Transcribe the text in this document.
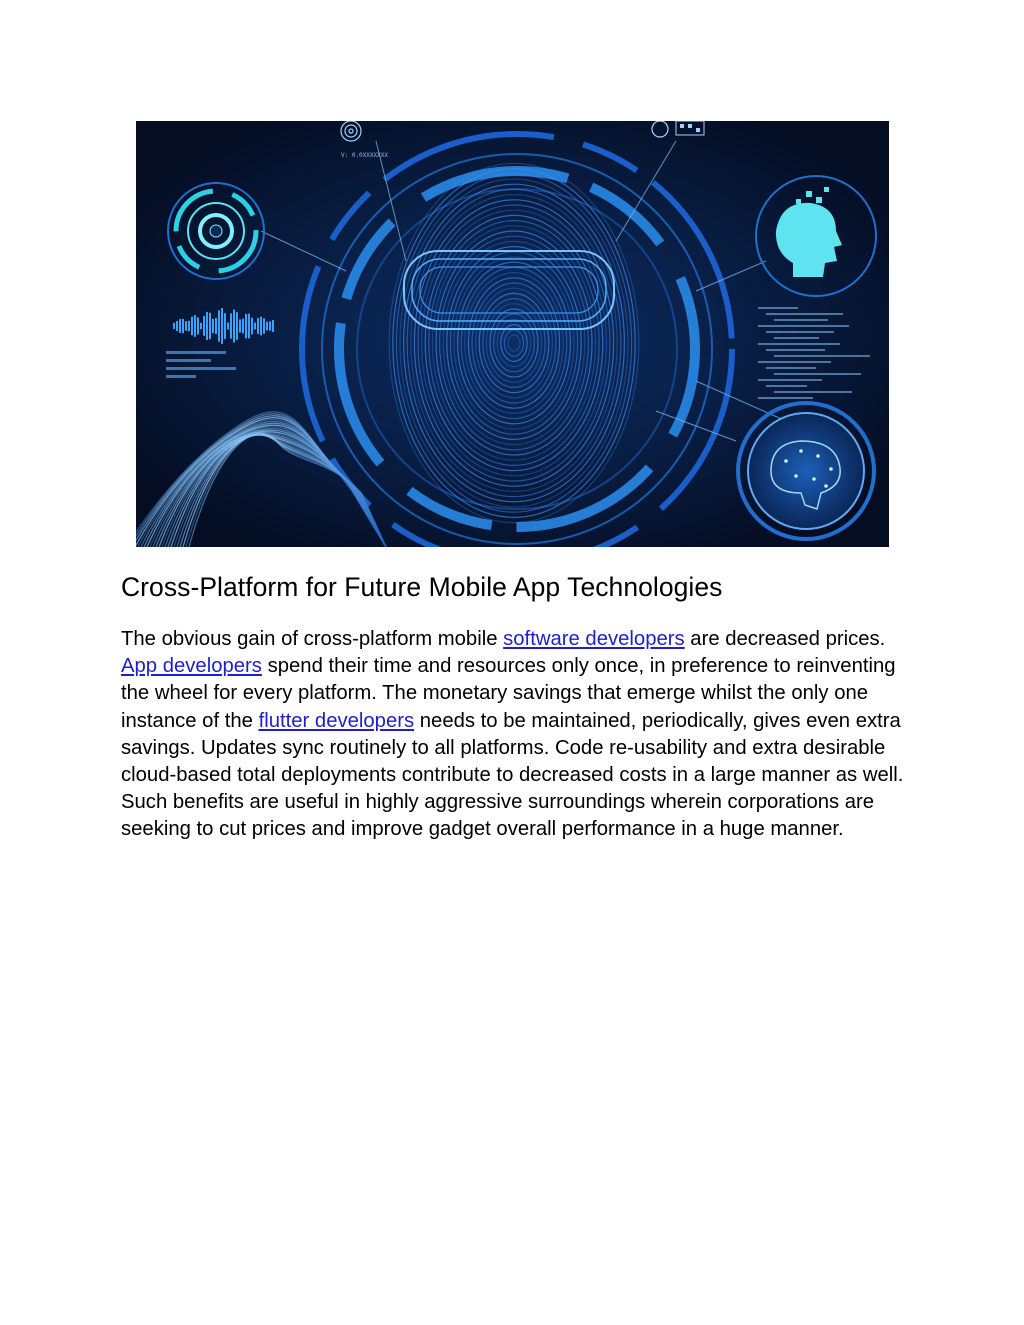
V: 0.0XXXXXXX
Cross-Platform for Future Mobile App Technologies

The obvious gain of cross-platform mobile software developers are decreased prices. App developers spend their time and resources only once, in preference to reinventing the wheel for every platform. The monetary savings that emerge whilst the only one instance of the flutter developers needs to be maintained, periodically, gives even extra savings. Updates sync routinely to all platforms. Code re-usability and extra desirable cloud-based total deployments contribute to decreased costs in a large manner as well. Such benefits are useful in highly aggressive surroundings wherein corporations are seeking to cut prices and improve gadget overall performance in a huge manner.
